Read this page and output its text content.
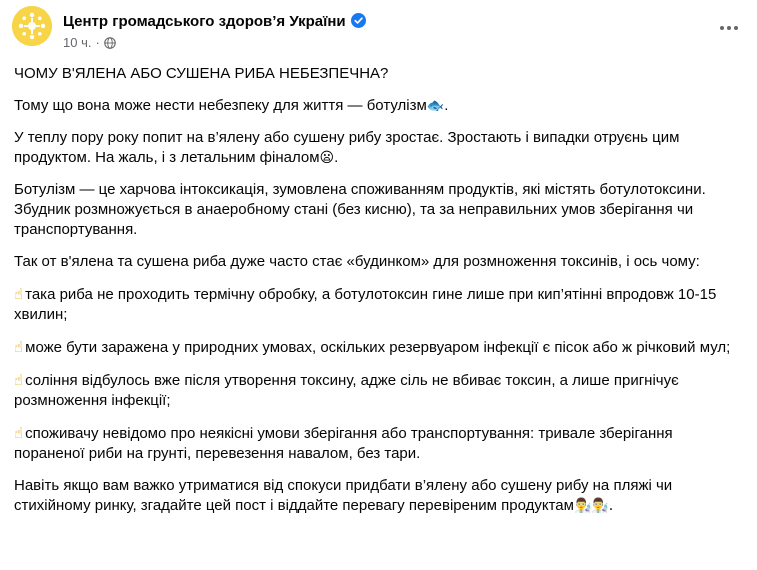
Центр громадського здоров’я України
10 ч. ·

ЧОМУ В'ЯЛЕНА АБО СУШЕНА РИБА НЕБЕЗПЕЧНА?

Тому що вона може нести небезпеку для життя — ботулізм🐟.

У теплу пору року попит на в’ялену або сушену рибу зростає. Зростають і випадки отруєнь цим продуктом. На жаль, і з летальним фіналом😦.

Ботулізм — це харчова інтоксикація, зумовлена споживанням продуктів, які містять ботулотоксини. Збудник розмножується в анаеробному стані (без кисню), та за неправильних умов зберігання чи транспортування.

Так от в'ялена та сушена риба дуже часто стає «будинком» для розмноження токсинів, і ось чому:

☝ така риба не проходить термічну обробку, а ботулотоксин гине лише при кип’ятінні впродовж 10-15 хвилин;

☝ може бути заражена у природних умовах, оскільких резервуаром інфекції є пісок або ж річковий мул;

☝ соління відбулось вже після утворення токсину, адже сіль не вбиває токсин, а лише пригнічує розмноження інфекції;

☝ споживачу невідомо про неякісні умови зберігання або транспортування: тривале зберігання пораненої риби на грунті, перевезення навалом, без тари.

Навіть якщо вам важко утриматися від спокуси придбати в’ялену або сушену рибу на пляжі чи стихійному ринку, згадайте цей пост і віддайте перевагу перевіреним продуктам👨‍🔬👨‍🔬.
